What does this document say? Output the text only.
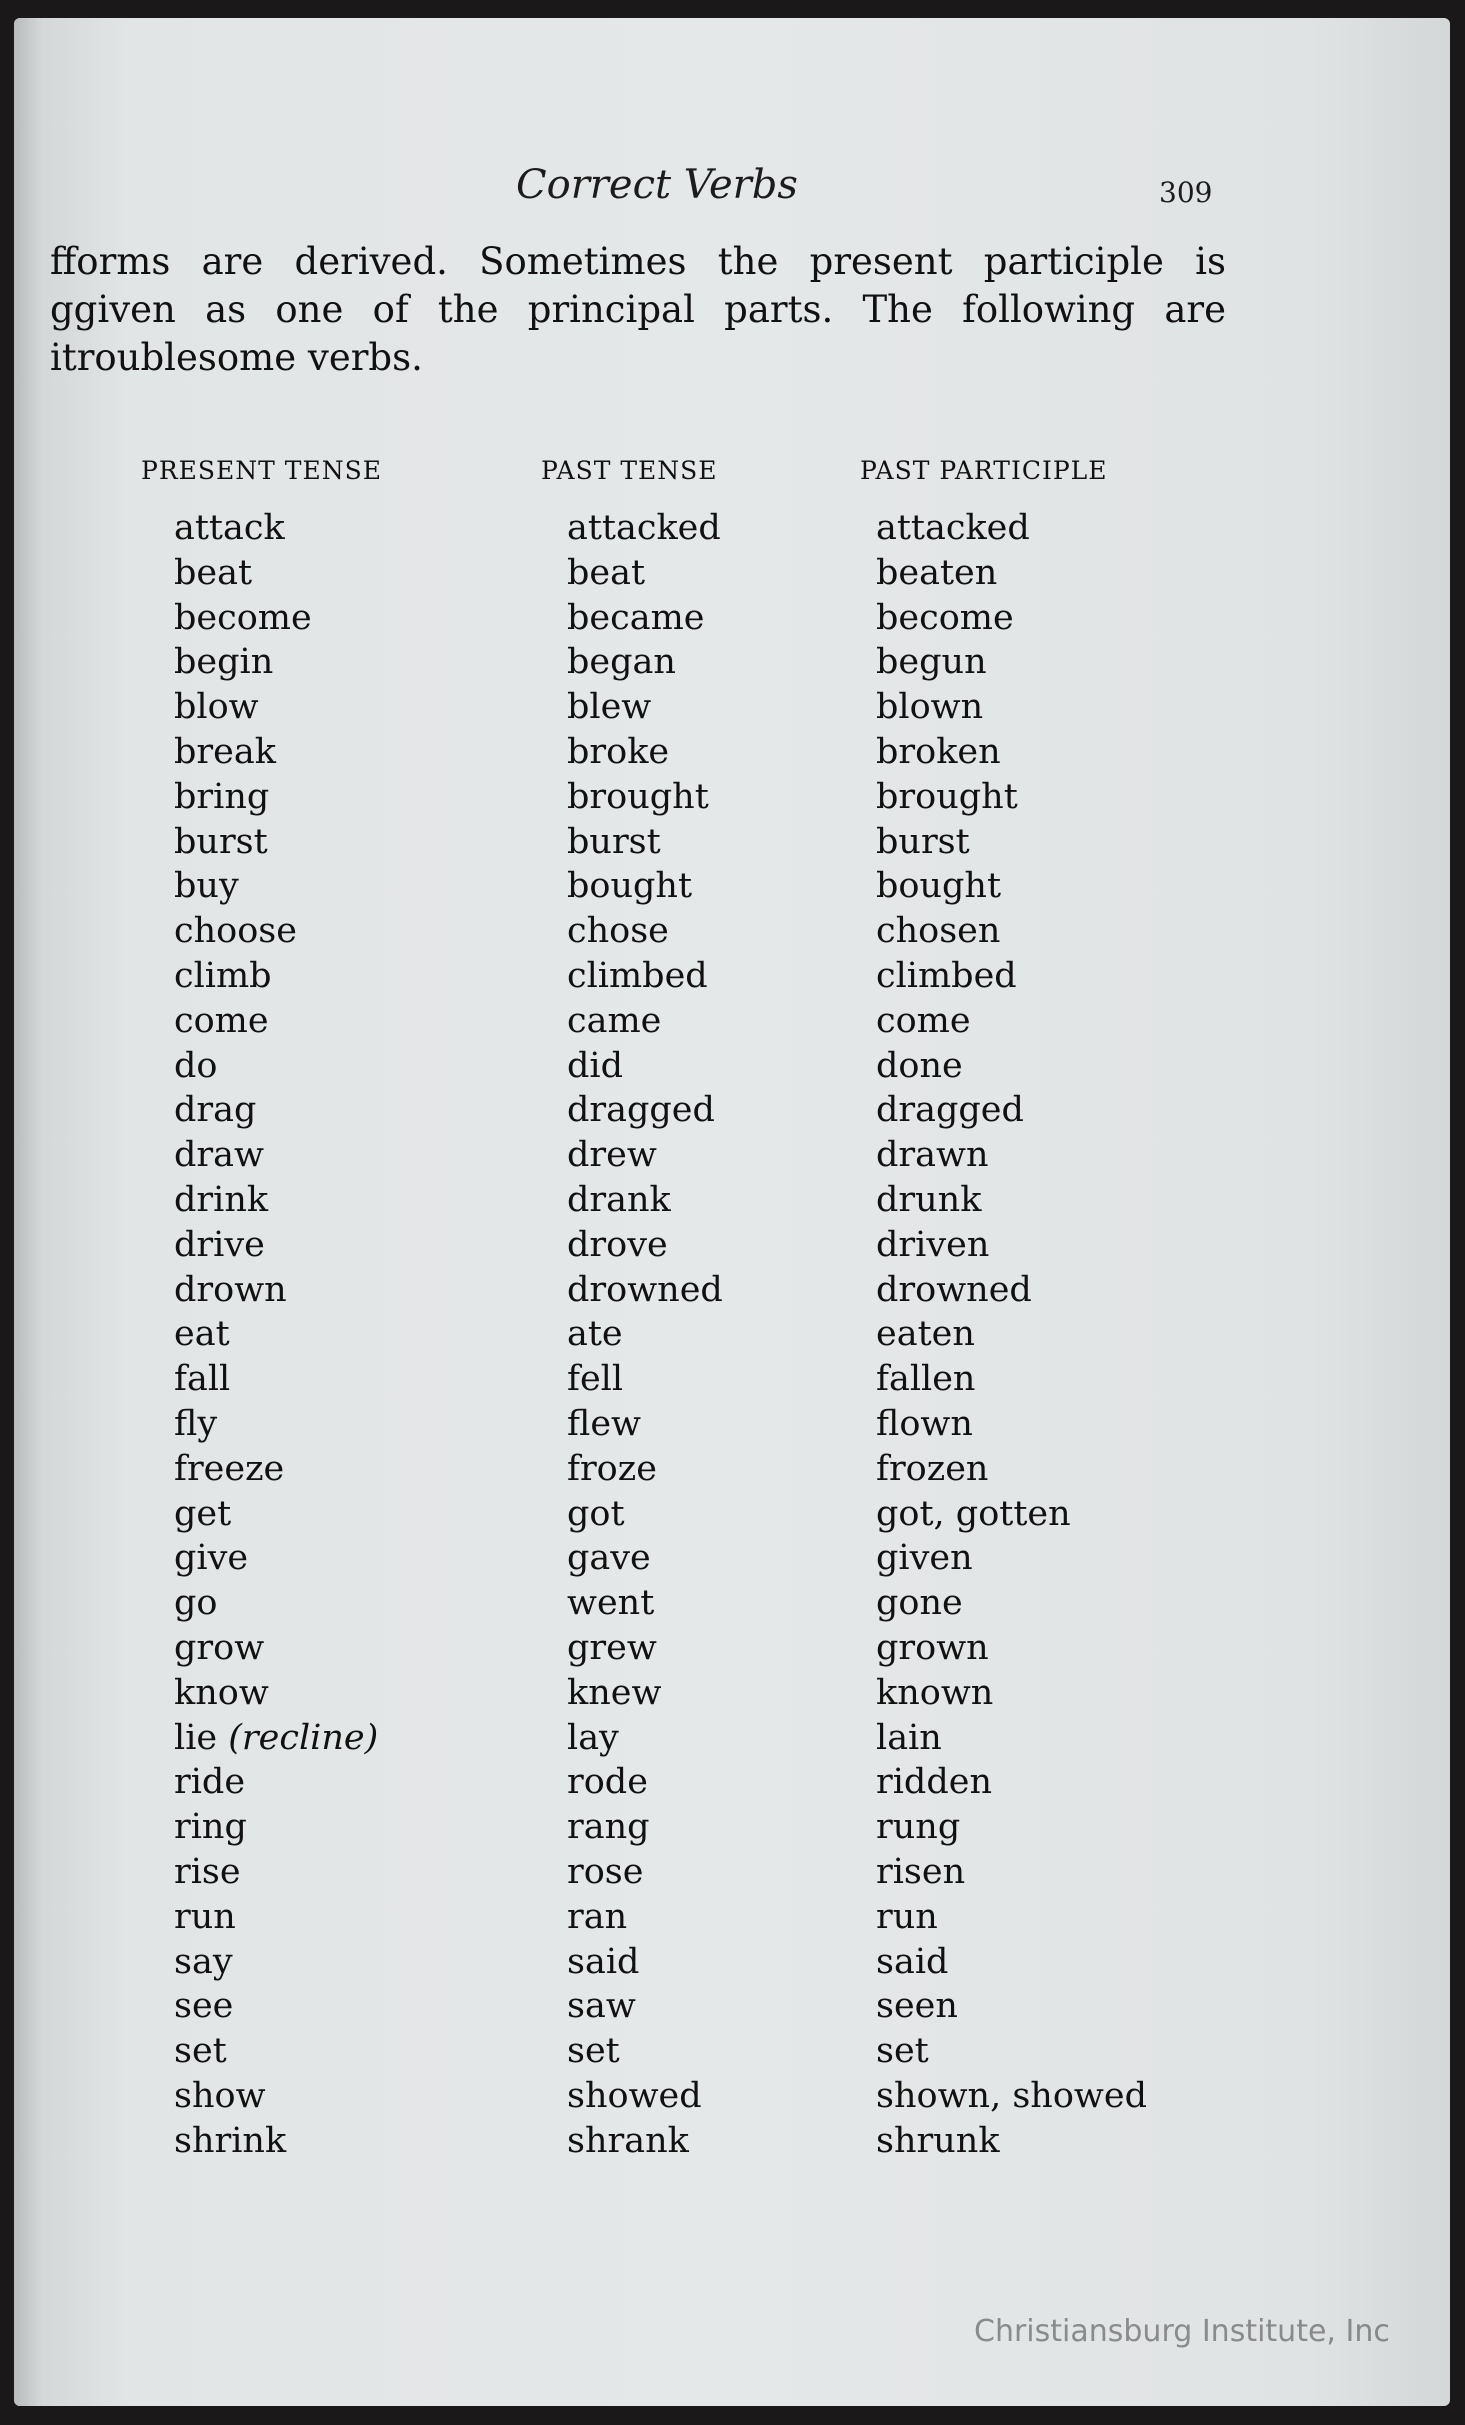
Correct Verbs	309
fforms are derived. Sometimes the present participle is
ggiven as one of the principal parts. The following are
itroublesome verbs.
PRESENT TENSE	PAST TENSE	PAST PARTICIPLE
attack	attacked	attacked
beat	beat	beaten
become	became	become
begin	began	begun
blow	blew	blown
break	broke	broken
bring	brought	brought
burst	burst	burst
buy	bought	bought
choose	chose	chosen
climb	climbed	climbed
come	came	come
do	did	done
drag	dragged	dragged
draw	drew	drawn
drink	drank	drunk
drive	drove	driven
drown	drowned	drowned
eat	ate	eaten
fall	fell	fallen
fly	flew	flown
freeze	froze	frozen
get	got	got, gotten
give	gave	given
go	went	gone
grow	grew	grown
know	knew	known
lie (recline)	lay	lain
ride	rode	ridden
ring	rang	rung
rise	rose	risen
run	ran	run
say	said	said
see	saw	seen
set	set	set
show	showed	shown, showed
shrink	shrank	shrunk
Christiansburg Institute, Inc
